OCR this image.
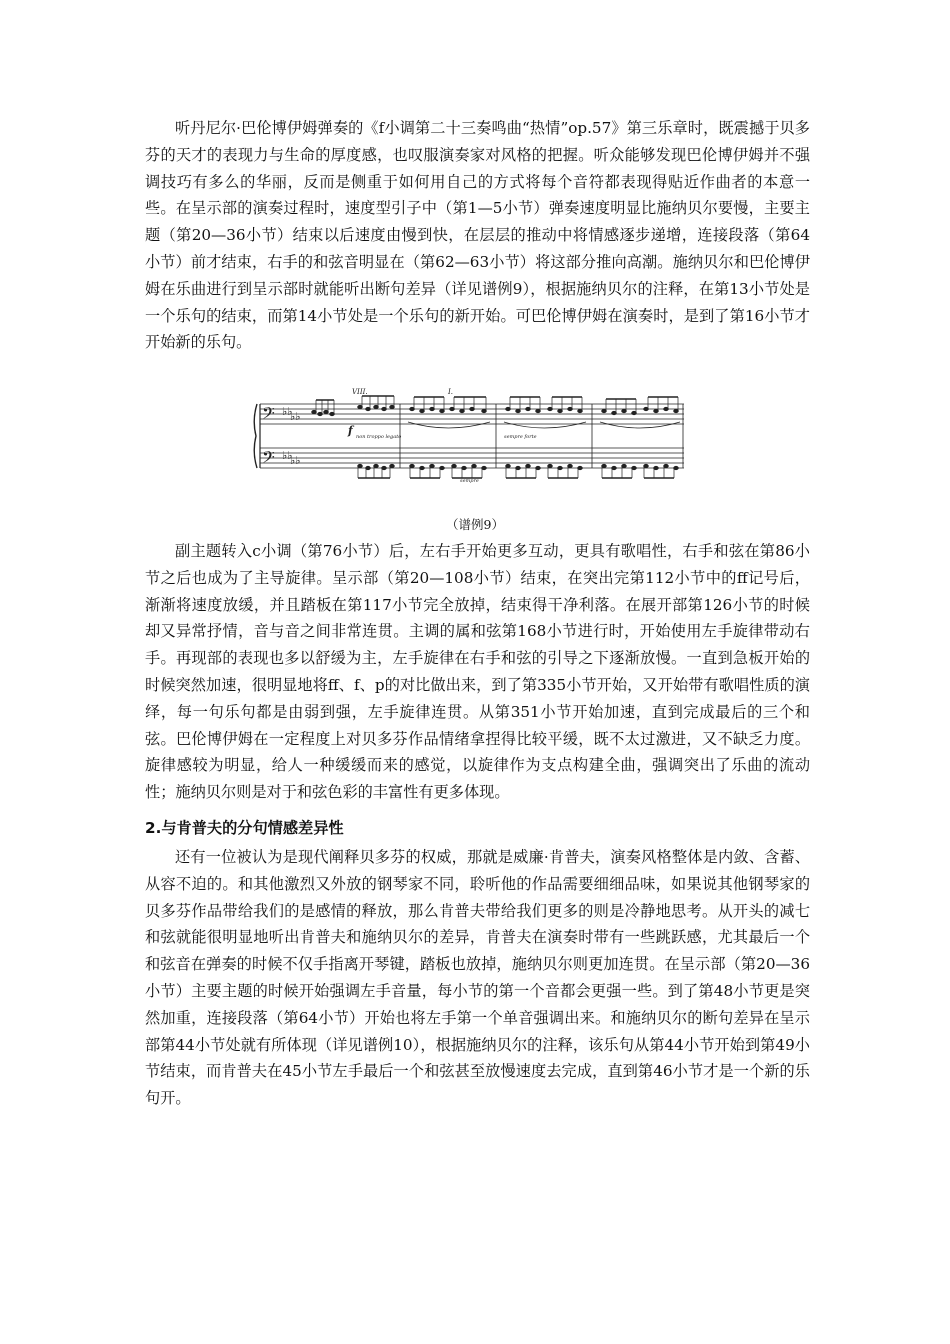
听丹尼尔·巴伦博伊姆弹奏的《f小调第二十三奏鸣曲“热情”op.57》第三乐章时，既震撼于贝多芬的天才的表现力与生命的厚度感，也叹服演奏家对风格的把握。听众能够发现巴伦博伊姆并不强调技巧有多么的华丽，反而是侧重于如何用自己的方式将每个音符都表现得贴近作曲者的本意一些。在呈示部的演奏过程时，速度型引子中（第1—5小节）弹奏速度明显比施纳贝尔要慢，主要主题（第20—36小节）结束以后速度由慢到快，在层层的推动中将情感逐步递增，连接段落（第64小节）前才结束，右手的和弦音明显在（第62—63小节）将这部分推向高潮。施纳贝尔和巴伦博伊姆在乐曲进行到呈示部时就能听出断句差异（详见谱例9），根据施纳贝尔的注释，在第13小节处是一个乐句的结束，而第14小节处是一个乐句的新开始。可巴伦博伊姆在演奏时，是到了第16小节才开始新的乐句。

𝄢
𝄢
♭♭
♭♭
♭♭
♭♭
VIII.	I.
f non troppo legato	sempre forte
sempre
（谱例9）

副主题转入c小调（第76小节）后，左右手开始更多互动，更具有歌唱性，右手和弦在第86小节之后也成为了主导旋律。呈示部（第20—108小节）结束，在突出完第112小节中的ff记号后，渐渐将速度放缓，并且踏板在第117小节完全放掉，结束得干净利落。在展开部第126小节的时候却又异常抒情，音与音之间非常连贯。主调的属和弦第168小节进行时，开始使用左手旋律带动右手。再现部的表现也多以舒缓为主，左手旋律在右手和弦的引导之下逐渐放慢。一直到急板开始的时候突然加速，很明显地将ff、f、p的对比做出来，到了第335小节开始，又开始带有歌唱性质的演绎，每一句乐句都是由弱到强，左手旋律连贯。从第351小节开始加速，直到完成最后的三个和弦。巴伦博伊姆在一定程度上对贝多芬作品情绪拿捏得比较平缓，既不太过激进，又不缺乏力度。旋律感较为明显，给人一种缓缓而来的感觉，以旋律作为支点构建全曲，强调突出了乐曲的流动性；施纳贝尔则是对于和弦色彩的丰富性有更多体现。

2.与肯普夫的分句情感差异性

还有一位被认为是现代阐释贝多芬的权威，那就是威廉·肯普夫，演奏风格整体是内敛、含蓄、从容不迫的。和其他激烈又外放的钢琴家不同，聆听他的作品需要细细品味，如果说其他钢琴家的贝多芬作品带给我们的是感情的释放，那么肯普夫带给我们更多的则是冷静地思考。从开头的减七和弦就能很明显地听出肯普夫和施纳贝尔的差异，肯普夫在演奏时带有一些跳跃感，尤其最后一个和弦音在弹奏的时候不仅手指离开琴键，踏板也放掉，施纳贝尔则更加连贯。在呈示部（第20—36小节）主要主题的时候开始强调左手音量，每小节的第一个音都会更强一些。到了第48小节更是突然加重，连接段落（第64小节）开始也将左手第一个单音强调出来。和施纳贝尔的断句差异在呈示部第44小节处就有所体现（详见谱例10），根据施纳贝尔的注释，该乐句从第44小节开始到第49小节结束，而肯普夫在45小节左手最后一个和弦甚至放慢速度去完成，直到第46小节才是一个新的乐句开。
